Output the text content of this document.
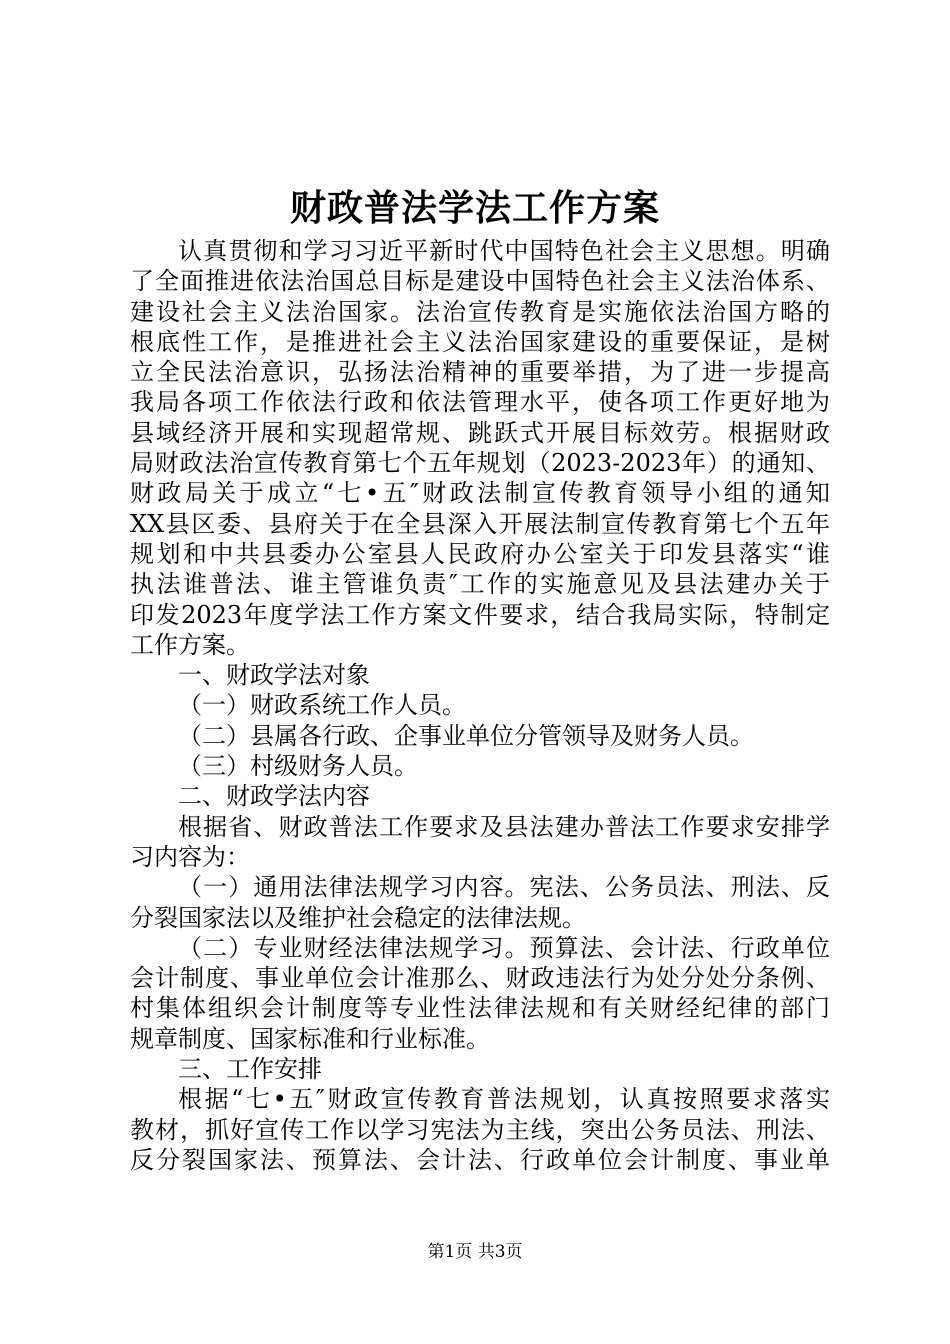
财政普法学法工作方案
认真贯彻和学习习近平新时代中国特色社会主义思想。明确
了全面推进依法治国总目标是建设中国特色社会主义法治体系、
建设社会主义法治国家。法治宣传教育是实施依法治国方略的
根底性工作，是推进社会主义法治国家建设的重要保证，是树
立全民法治意识，弘扬法治精神的重要举措，为了进一步提高
我局各项工作依法行政和依法管理水平，使各项工作更好地为
县域经济开展和实现超常规、跳跃式开展目标效劳。根据财政
局财政法治宣传教育第七个五年规划（2023-2023年）的通知、
财政局关于成立“七•五″财政法制宣传教育领导小组的通知
XX县区委、县府关于在全县深入开展法制宣传教育第七个五年
规划和中共县委办公室县人民政府办公室关于印发县落实“谁
执法谁普法、谁主管谁负责″工作的实施意见及县法建办关于
印发2023年度学法工作方案文件要求，结合我局实际，特制定
工作方案。
一、财政学法对象
（一）财政系统工作人员。
（二）县属各行政、企事业单位分管领导及财务人员。
（三）村级财务人员。
二、财政学法内容
根据省、财政普法工作要求及县法建办普法工作要求安排学
习内容为：
（一）通用法律法规学习内容。宪法、公务员法、刑法、反
分裂国家法以及维护社会稳定的法律法规。
（二）专业财经法律法规学习。预算法、会计法、行政单位
会计制度、事业单位会计准那么、财政违法行为处分处分条例、
村集体组织会计制度等专业性法律法规和有关财经纪律的部门
规章制度、国家标准和行业标准。
三、工作安排
根据“七•五″财政宣传教育普法规划，认真按照要求落实
教材，抓好宣传工作以学习宪法为主线，突出公务员法、刑法、
反分裂国家法、预算法、会计法、行政单位会计制度、事业单
第1页 共3页
